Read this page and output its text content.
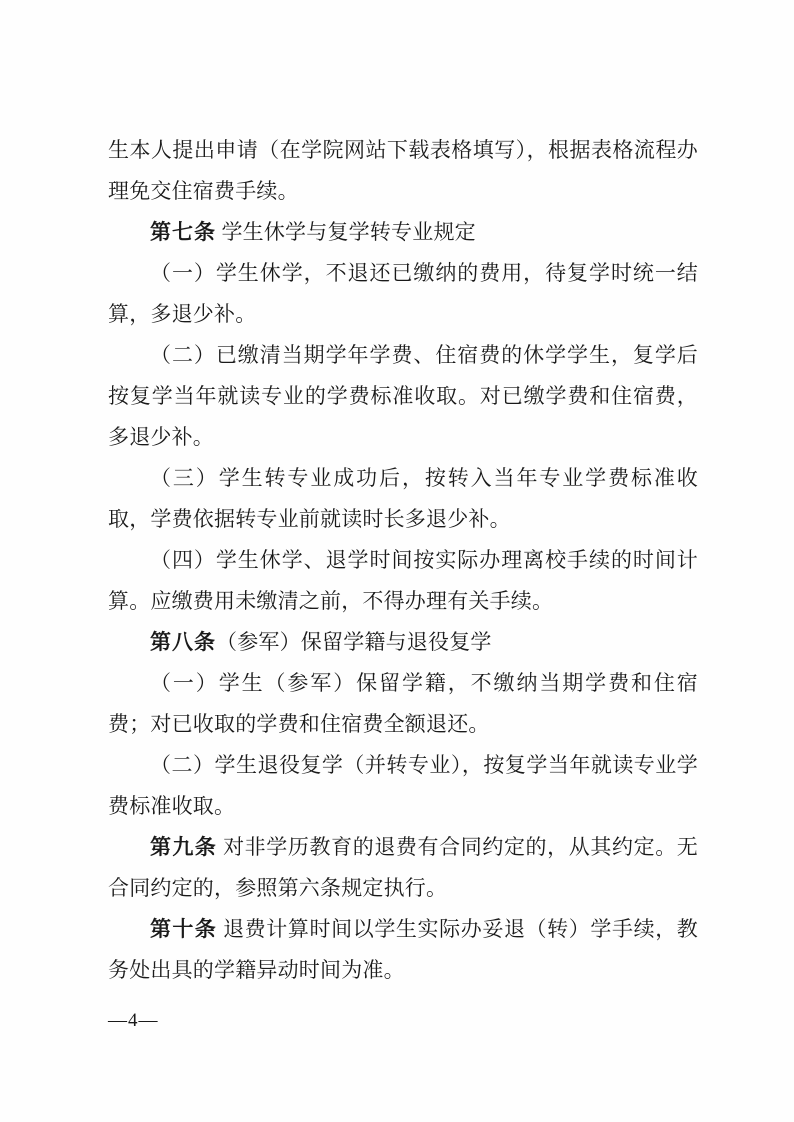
生本人提出申请（在学院网站下载表格填写），根据表格流程办理免交住宿费手续。

第七条 学生休学与复学转专业规定

（一）学生休学，不退还已缴纳的费用，待复学时统一结算，多退少补。

（二）已缴清当期学年学费、住宿费的休学学生，复学后按复学当年就读专业的学费标准收取。对已缴学费和住宿费，多退少补。

（三）学生转专业成功后，按转入当年专业学费标准收取，学费依据转专业前就读时长多退少补。

（四）学生休学、退学时间按实际办理离校手续的时间计算。应缴费用未缴清之前，不得办理有关手续。

第八条（参军）保留学籍与退役复学

（一）学生（参军）保留学籍，不缴纳当期学费和住宿费；对已收取的学费和住宿费全额退还。

（二）学生退役复学（并转专业），按复学当年就读专业学费标准收取。

第九条 对非学历教育的退费有合同约定的，从其约定。无合同约定的，参照第六条规定执行。

第十条 退费计算时间以学生实际办妥退（转）学手续，教务处出具的学籍异动时间为准。

—4—
